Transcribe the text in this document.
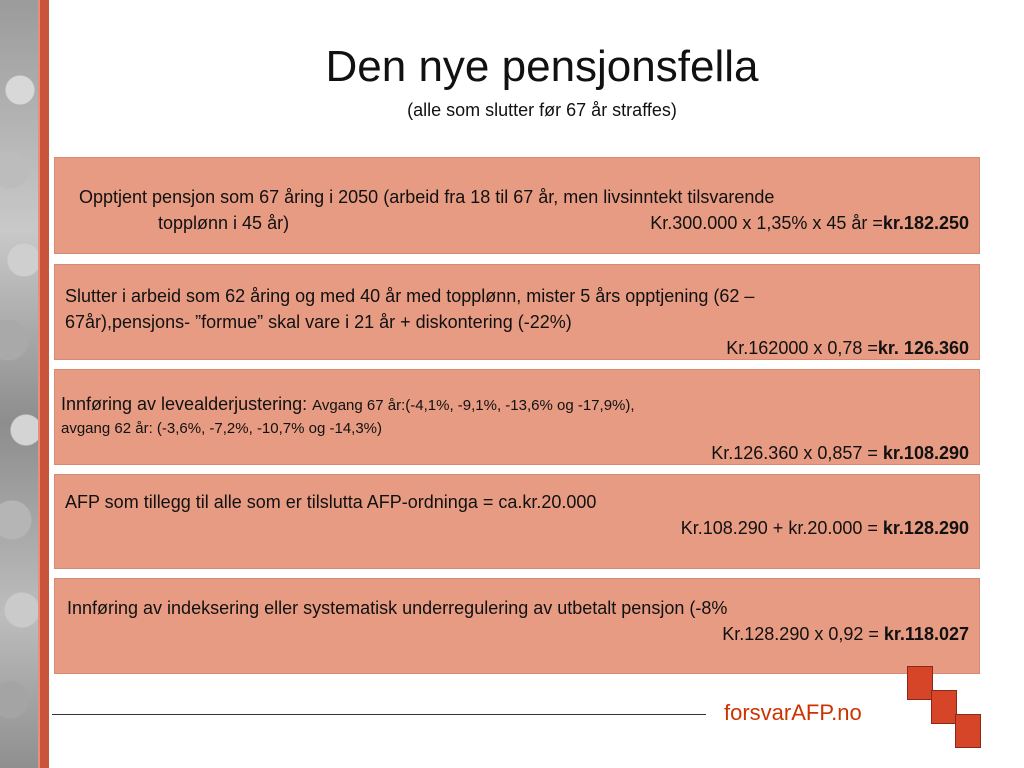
Den nye pensjonsfella
(alle som slutter før 67 år straffes)
Opptjent pensjon som 67 åring i 2050 (arbeid fra 18 til 67 år, men livsinntekt tilsvarende
topplønn i 45 år)	Kr.300.000 x 1,35% x 45 år =kr.182.250
Slutter i arbeid som 62 åring og med 40 år med topplønn, mister 5 års opptjening (62 –
67år),pensjons- ”formue” skal vare i 21 år + diskontering (-22%)
Kr.162000 x 0,78 =kr. 126.360
Innføring av levealderjustering: Avgang 67 år:(-4,1%, -9,1%, -13,6% og -17,9%),
avgang 62 år: (-3,6%, -7,2%, -10,7% og -14,3%)
Kr.126.360 x 0,857 = kr.108.290
AFP som tillegg til alle som er tilslutta AFP-ordninga = ca.kr.20.000
Kr.108.290 + kr.20.000 = kr.128.290
Innføring av indeksering eller systematisk underregulering av utbetalt pensjon (-8%
Kr.128.290 x 0,92 = kr.118.027
forsvarAFP.no
